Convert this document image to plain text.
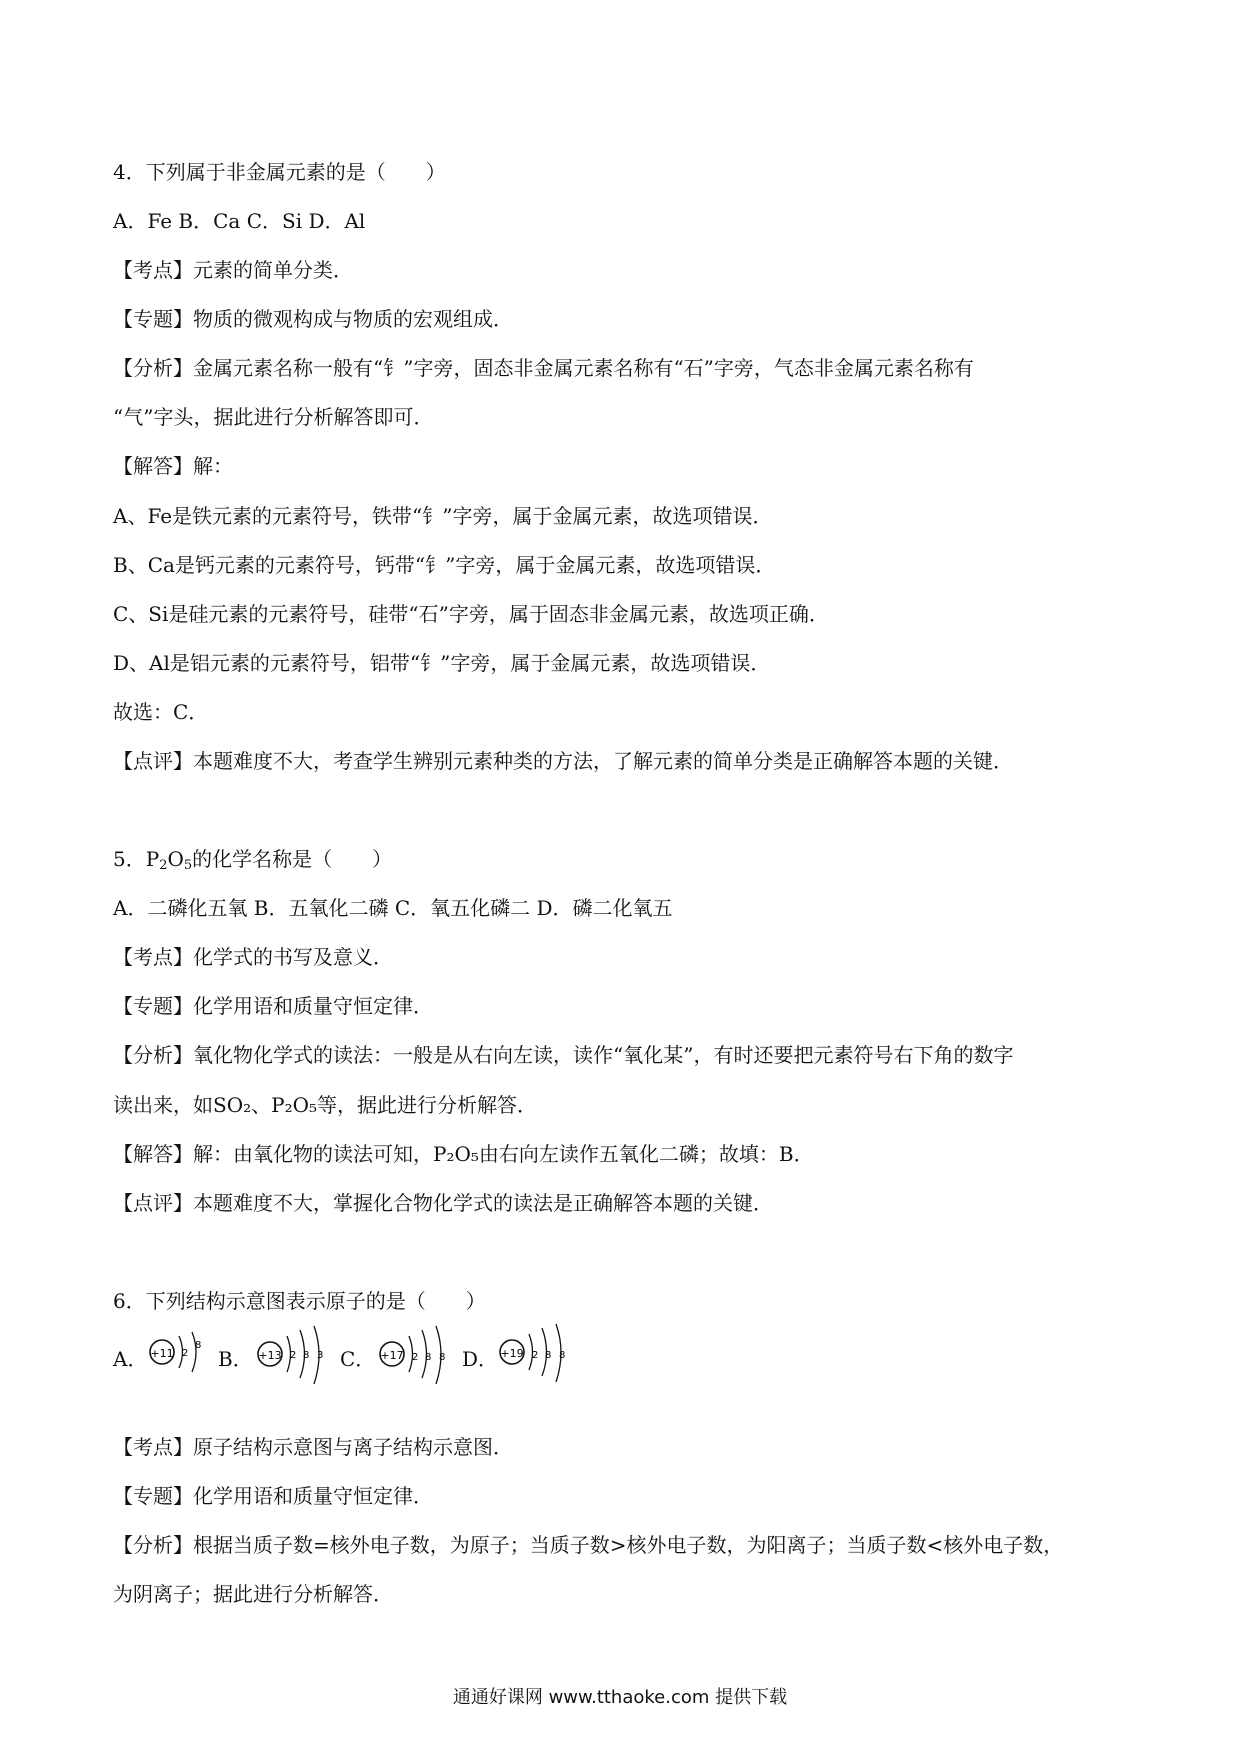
4．下列属于非金属元素的是（　　）
A．Fe B．Ca C．Si D．Al
【考点】元素的简单分类．
【专题】物质的微观构成与物质的宏观组成．
【分析】金属元素名称一般有“钅”字旁，固态非金属元素名称有“石”字旁，气态非金属元素名称有
“气”字头，据此进行分析解答即可．
【解答】解：
A、Fe是铁元素的元素符号，铁带“钅”字旁，属于金属元素，故选项错误．
B、Ca是钙元素的元素符号，钙带“钅”字旁，属于金属元素，故选项错误．
C、Si是硅元素的元素符号，硅带“石”字旁，属于固态非金属元素，故选项正确．
D、Al是铝元素的元素符号，铝带“钅”字旁，属于金属元素，故选项错误．
故选：C．
【点评】本题难度不大，考查学生辨别元素种类的方法，了解元素的简单分类是正确解答本题的关键．
5．$P_2O_5$的化学名称是（　　）
A．二磷化五氧 B．五氧化二磷 C．氧五化磷二 D．磷二化氧五
【考点】化学式的书写及意义．
【专题】化学用语和质量守恒定律．
【分析】氧化物化学式的读法：一般是从右向左读，读作“氧化某”，有时还要把元素符号右下角的数字
读出来，如SO₂、P₂O₅等，据此进行分析解答．
【解答】解：由氧化物的读法可知，P₂O₅由右向左读作五氧化二磷；故填：B．
【点评】本题难度不大，掌握化合物化学式的读法是正确解答本题的关键．
6．下列结构示意图表示原子的是（　　）
A． +11 2
8
B． +13 2 8 3 C． +17 2 8 8 D． +19 2 8 8
【考点】原子结构示意图与离子结构示意图．
【专题】化学用语和质量守恒定律．
【分析】根据当质子数=核外电子数，为原子；当质子数>核外电子数，为阳离子；当质子数<核外电子数，
为阴离子；据此进行分析解答．
通通好课网 www.tthaoke.com 提供下载
